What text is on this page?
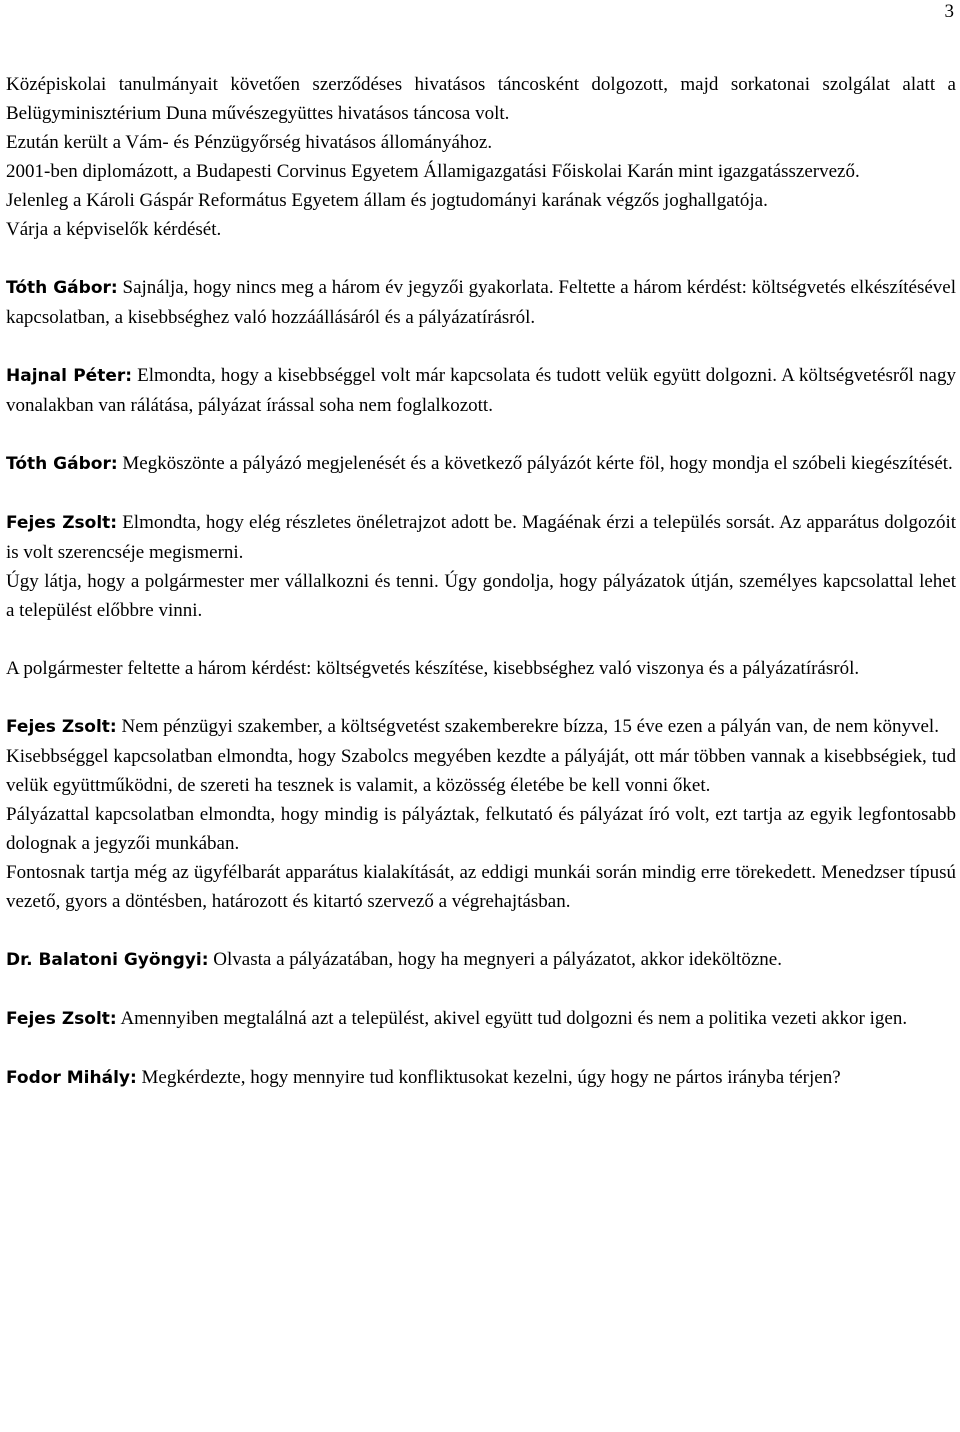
3

Középiskolai tanulmányait követően szerződéses hivatásos táncosként dolgozott, majd sorkatonai szolgálat alatt a Belügyminisztérium Duna művészegyüttes hivatásos táncosa volt.

Ezután került a Vám- és Pénzügyőrség hivatásos állományához.

2001-ben diplomázott, a Budapesti Corvinus Egyetem Államigazgatási Főiskolai Karán mint igazgatásszervező.

Jelenleg a Károli Gáspár Református Egyetem állam és jogtudományi karának végzős joghallgatója.

Várja a képviselők kérdését.

Tóth Gábor: Sajnálja, hogy nincs meg a három év jegyzői gyakorlata. Feltette a három kérdést: költségvetés elkészítésével kapcsolatban, a kisebbséghez való hozzáállásáról és a pályázatírásról.

Hajnal Péter: Elmondta, hogy a kisebbséggel volt már kapcsolata és tudott velük együtt dolgozni. A költségvetésről nagy vonalakban van rálátása, pályázat írással soha nem foglalkozott.

Tóth Gábor: Megköszönte a pályázó megjelenését és a következő pályázót kérte föl, hogy mondja el szóbeli kiegészítését.

Fejes Zsolt: Elmondta, hogy elég részletes önéletrajzot adott be. Magáénak érzi a település sorsát. Az apparátus dolgozóit is volt szerencséje megismerni.

Úgy látja, hogy a polgármester mer vállalkozni és tenni. Úgy gondolja, hogy pályázatok útján, személyes kapcsolattal lehet a települést előbbre vinni.

A polgármester feltette a három kérdést: költségvetés készítése, kisebbséghez való viszonya és a pályázatírásról.

Fejes Zsolt: Nem pénzügyi szakember, a költségvetést szakemberekre bízza, 15 éve ezen a pályán van, de nem könyvel.

Kisebbséggel kapcsolatban elmondta, hogy Szabolcs megyében kezdte a pályáját, ott már többen vannak a kisebbségiek, tud velük együttműködni, de szereti ha tesznek is valamit, a közösség életébe be kell vonni őket.

Pályázattal kapcsolatban elmondta, hogy mindig is pályáztak, felkutató és pályázat író volt, ezt tartja az egyik legfontosabb dolognak a jegyzői munkában.

Fontosnak tartja még az ügyfélbarát apparátus kialakítását, az eddigi munkái során mindig erre törekedett. Menedzser típusú vezető, gyors a döntésben, határozott és kitartó szervező a végrehajtásban.

Dr. Balatoni Gyöngyi: Olvasta a pályázatában, hogy ha megnyeri a pályázatot, akkor ideköltözne.

Fejes Zsolt: Amennyiben megtalálná azt a települést, akivel együtt tud dolgozni és nem a politika vezeti akkor igen.

Fodor Mihály: Megkérdezte, hogy mennyire tud konfliktusokat kezelni, úgy hogy ne pártos irányba térjen?
